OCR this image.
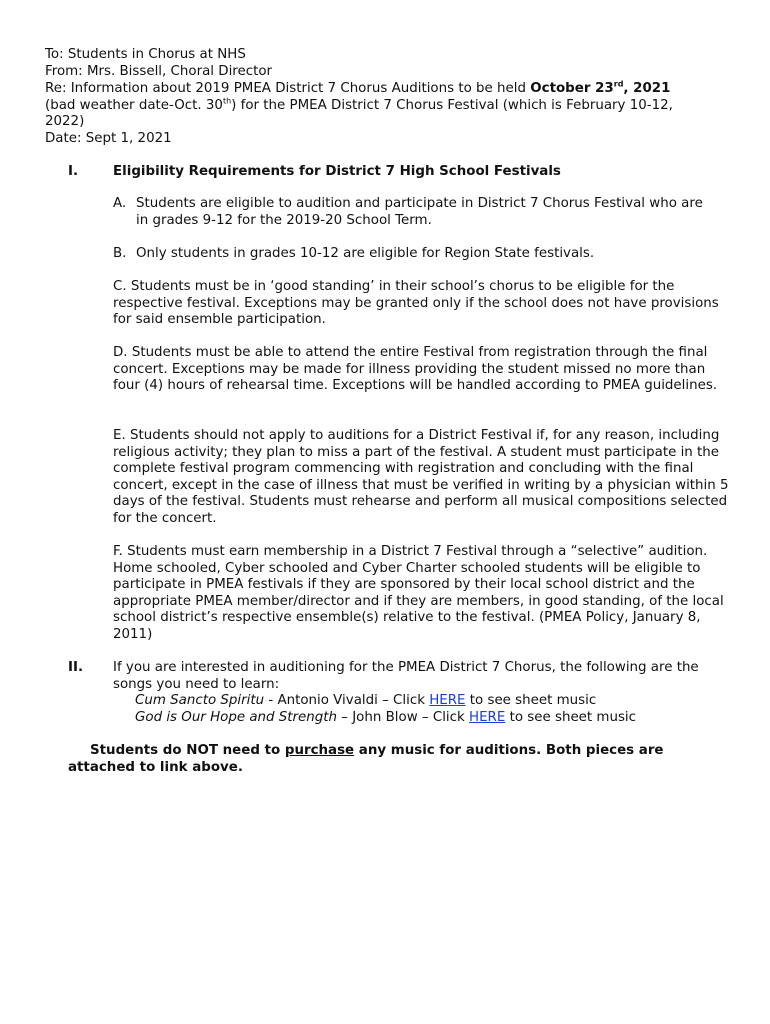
To: Students in Chorus at NHS
From: Mrs. Bissell, Choral Director
Re: Information about 2019 PMEA District 7 Chorus Auditions to be held October 23rd, 2021
(bad weather date-Oct. 30th) for the PMEA District 7 Chorus Festival (which is February 10-12,
2022)
Date: Sept 1, 2021
I.	Eligibility Requirements for District 7 High School Festivals
A. Students are eligible to audition and participate in District 7 Chorus Festival who are
in grades 9-12 for the 2019-20 School Term.
B. Only students in grades 10-12 are eligible for Region State festivals.
C. Students must be in ‘good standing’ in their school’s chorus to be eligible for the respective festival. Exceptions may be granted only if the school does not have provisions for said ensemble participation.
D. Students must be able to attend the entire Festival from registration through the final concert. Exceptions may be made for illness providing the student missed no more than four (4) hours of rehearsal time. Exceptions will be handled according to PMEA guidelines.
E. Students should not apply to auditions for a District Festival if, for any reason, including religious activity; they plan to miss a part of the festival. A student must participate in the complete festival program commencing with registration and concluding with the final concert, except in the case of illness that must be verified in writing by a physician within 5 days of the festival. Students must rehearse and perform all musical compositions selected for the concert.
F. Students must earn membership in a District 7 Festival through a “selective” audition. Home schooled, Cyber schooled and Cyber Charter schooled students will be eligible to participate in PMEA festivals if they are sponsored by their local school district and the appropriate PMEA member/director and if they are members, in good standing, of the local school district’s respective ensemble(s) relative to the festival. (PMEA Policy, January 8, 2011)
II. If you are interested in auditioning for the PMEA District 7 Chorus, the following are the
songs you need to learn:
Cum Sancto Spiritu - Antonio Vivaldi – Click HERE to see sheet music
God is Our Hope and Strength – John Blow – Click HERE to see sheet music
Students do NOT need to purchase any music for auditions. Both pieces are
attached to link above.
